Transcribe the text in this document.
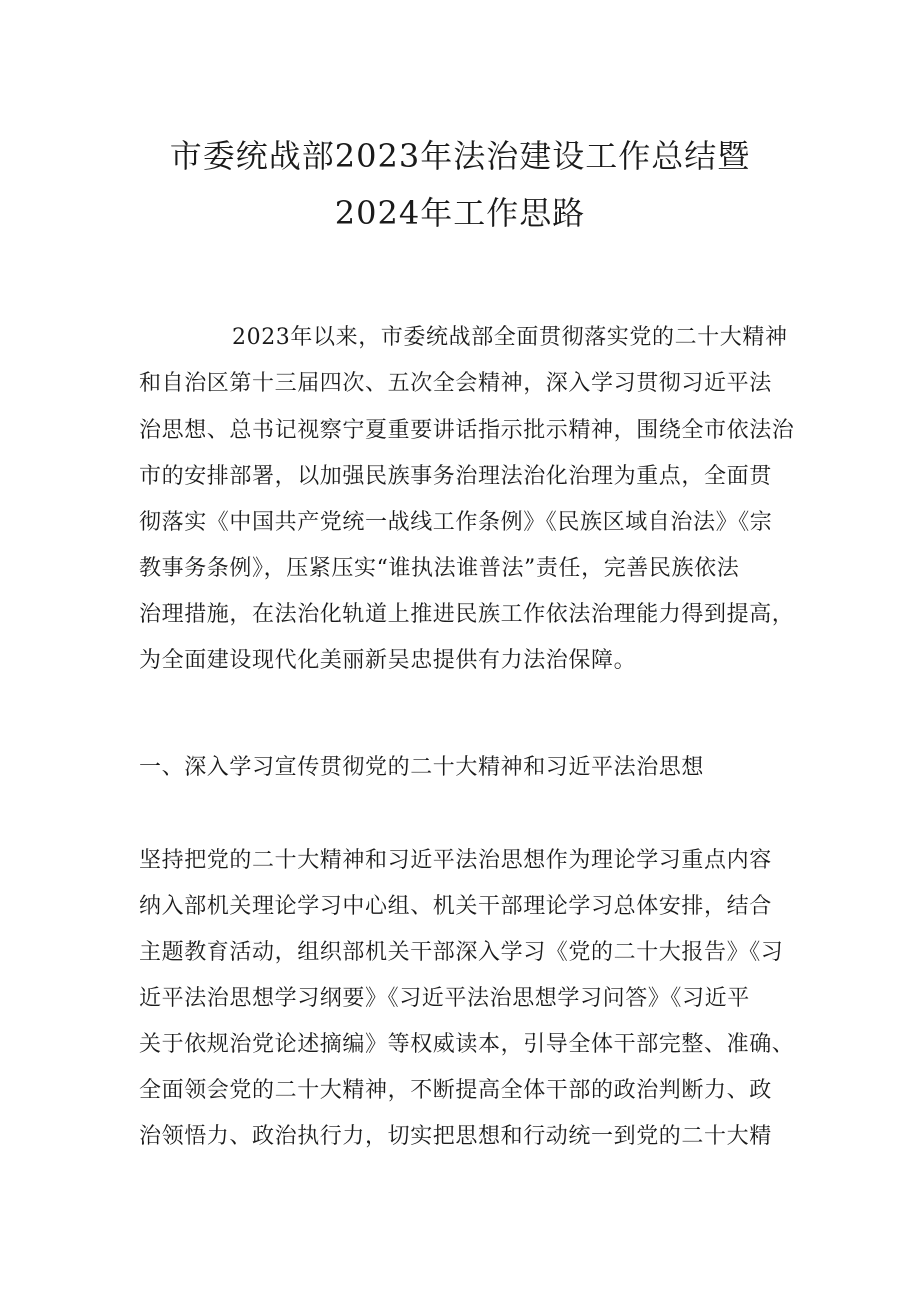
市委统战部2023年法治建设工作总结暨
2024年工作思路
2023年以来，市委统战部全面贯彻落实党的二十大精神
和自治区第十三届四次、五次全会精神，深入学习贯彻习近平法
治思想、总书记视察宁夏重要讲话指示批示精神，围绕全市依法治
市的安排部署，以加强民族事务治理法治化治理为重点，全面贯
彻落实《中国共产党统一战线工作条例》《民族区域自治法》《宗
教事务条例》，压紧压实“谁执法谁普法”责任，完善民族依法
治理措施，在法治化轨道上推进民族工作依法治理能力得到提高，
为全面建设现代化美丽新吴忠提供有力法治保障。
一、深入学习宣传贯彻党的二十大精神和习近平法治思想
坚持把党的二十大精神和习近平法治思想作为理论学习重点内容
纳入部机关理论学习中心组、机关干部理论学习总体安排，结合
主题教育活动，组织部机关干部深入学习《党的二十大报告》《习
近平法治思想学习纲要》《习近平法治思想学习问答》《习近平
关于依规治党论述摘编》等权威读本，引导全体干部完整、准确、
全面领会党的二十大精神，不断提高全体干部的政治判断力、政
治领悟力、政治执行力，切实把思想和行动统一到党的二十大精
